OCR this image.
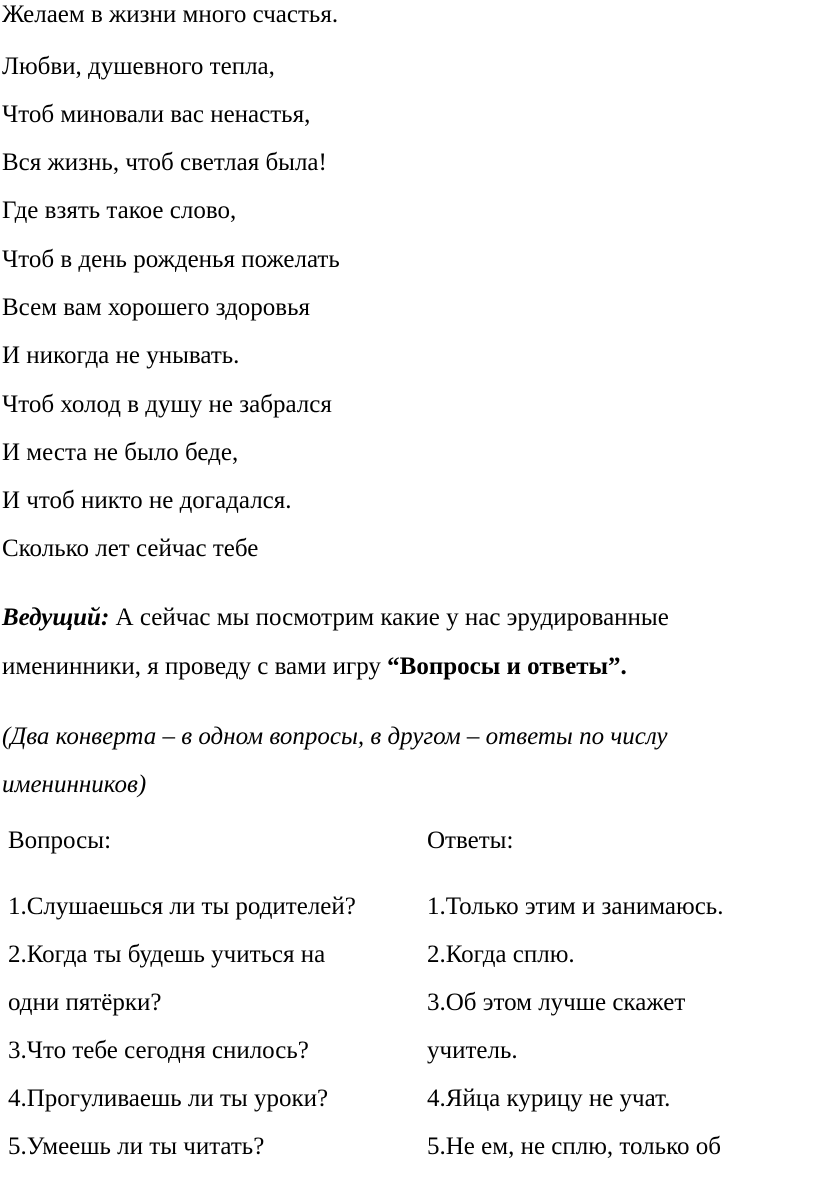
Желаем в жизни много счастья.
Любви, душевного тепла,
Чтоб миновали вас ненастья,
Вся жизнь, чтоб светлая была!
Где взять такое слово,
Чтоб в день рожденья пожелать
Всем вам хорошего здоровья
И никогда не унывать.
Чтоб холод в душу не забрался
И места не было беде,
И чтоб никто не догадался.
Сколько лет сейчас тебе
Ведущий: А сейчас мы посмотрим какие у нас эрудированные
именинники, я проведу с вами игру “Вопросы и ответы”.
(Два конверта – в одном вопросы, в другом – ответы по числу
именинников)
Вопросы:	Ответы:
1.Слушаешься ли ты родителей?
2.Когда ты будешь учиться на
одни пятёрки?
3.Что тебе сегодня снилось?
4.Прогуливаешь ли ты уроки?
5.Умеешь ли ты читать?
1.Только этим и занимаюсь.
2.Когда сплю.
3.Об этом лучше скажет
учитель.
4.Яйца курицу не учат.
5.Не ем, не сплю, только об
